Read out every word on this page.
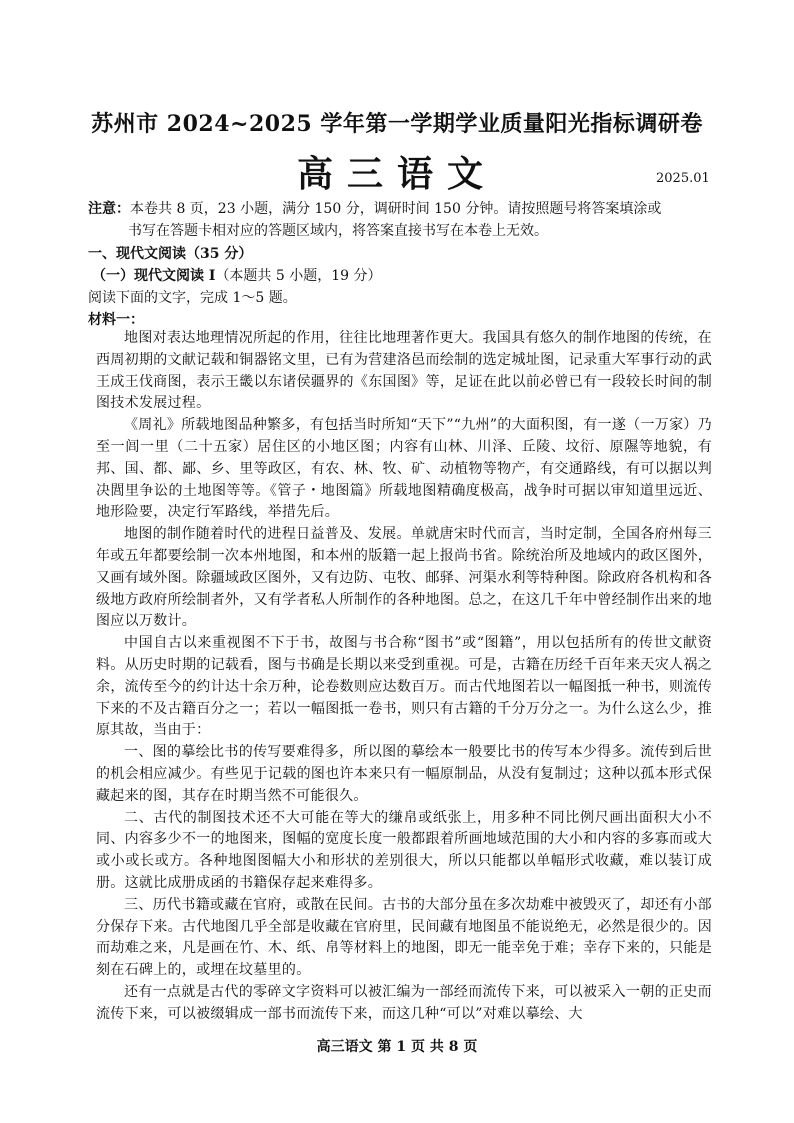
苏州市 2024~2025 学年第一学期学业质量阳光指标调研卷
高三语文	2025.01
注意：本卷共 8 页，23 小题，满分 150 分，调研时间 150 分钟。请按照题号将答案填涂或
书写在答题卡相对应的答题区域内，将答案直接书写在本卷上无效。
一、现代文阅读（35 分）
（一）现代文阅读 I（本题共 5 小题，19 分）
阅读下面的文字，完成 1～5 题。
材料一：

地图对表达地理情况所起的作用，往往比地理著作更大。我国具有悠久的制作地图的传统，在西周初期的文献记载和铜器铭文里，已有为营建洛邑而绘制的选定城址图，记录重大军事行动的武王成王伐商图，表示王畿以东诸侯疆界的《东国图》等，足证在此以前必曾已有一段较长时间的制图技术发展过程。

《周礼》所载地图品种繁多，有包括当时所知“天下”“九州”的大面积图，有一遂（一万家）乃至一闾一里（二十五家）居住区的小地区图；内容有山林、川泽、丘陵、坟衍、原隰等地貌，有邦、国、都、鄙、乡、里等政区，有农、林、牧、矿、动植物等物产，有交通路线，有可以据以判决閭里争讼的土地图等等。《管子・地图篇》所载地图精确度极高，战争时可据以审知道里远近、地形险要，决定行军路线，举措先后。

地图的制作随着时代的进程日益普及、发展。单就唐宋时代而言，当时定制，全国各府州每三年或五年都要绘制一次本州地图，和本州的版籍一起上报尚书省。除统治所及地域内的政区图外，又画有域外图。除疆域政区图外，又有边防、屯牧、邮驿、河渠水利等特种图。除政府各机构和各级地方政府所绘制者外，又有学者私人所制作的各种地图。总之，在这几千年中曾经制作出来的地图应以万数计。

中国自古以来重视图不下于书，故图与书合称“图书”或“图籍”，用以包括所有的传世文献资料。从历史时期的记载看，图与书确是长期以来受到重视。可是，古籍在历经千百年来天灾人祸之余，流传至今的约计达十余万种，论卷数则应达数百万。而古代地图若以一幅图抵一种书，则流传下来的不及古籍百分之一；若以一幅图抵一卷书，则只有古籍的千分万分之一。为什么这么少，推原其故，当由于：

一、图的摹绘比书的传写要难得多，所以图的摹绘本一般要比书的传写本少得多。流传到后世的机会相应减少。有些见于记载的图也许本来只有一幅原制品，从没有复制过；这种以孤本形式保藏起来的图，其存在时期当然不可能很久。

二、古代的制图技术还不大可能在等大的缣帛或纸张上，用多种不同比例尺画出面积大小不同、内容多少不一的地图来，图幅的宽度长度一般都跟着所画地域范围的大小和内容的多寡而或大或小或长或方。各种地图图幅大小和形状的差别很大，所以只能都以单幅形式收藏，难以装订成册。这就比成册成函的书籍保存起来难得多。

三、历代书籍或藏在官府，或散在民间。古书的大部分虽在多次劫难中被毁灭了，却还有小部分保存下来。古代地图几乎全部是收藏在官府里，民间藏有地图虽不能说绝无，必然是很少的。因而劫难之来，凡是画在竹、木、纸、帛等材料上的地图，即无一能幸免于难；幸存下来的，只能是刻在石碑上的，或埋在坟墓里的。

还有一点就是古代的零碎文字资料可以被汇编为一部经而流传下来，可以被采入一朝的正史而流传下来，可以被缀辑成一部书而流传下来，而这几种“可以”对难以摹绘、大

高三语文 第 1 页 共 8 页
